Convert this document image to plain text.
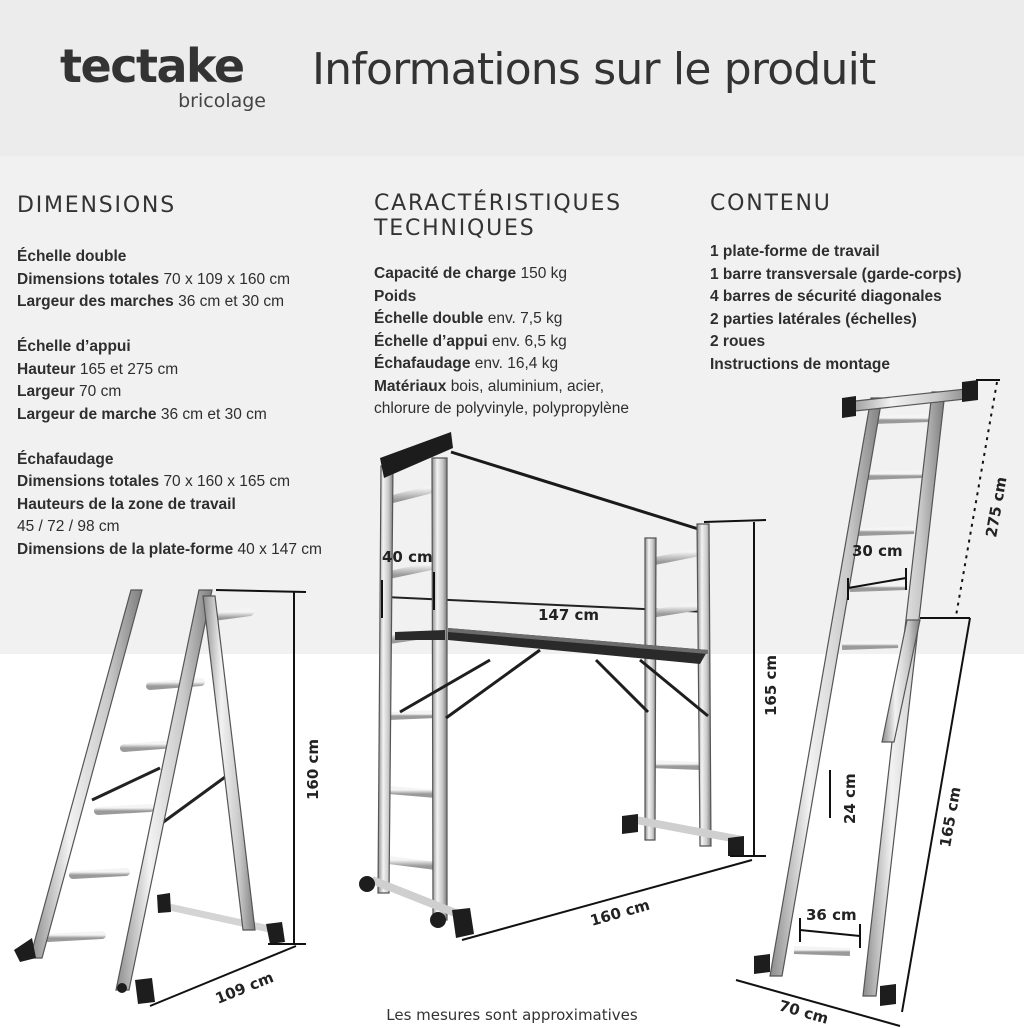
tectake
bricolage
Informations sur le produit
DIMENSIONS
Échelle double
Dimensions totales 70 x 109 x 160 cm
Largeur des marches 36 cm et 30 cm
Échelle d’appui
Hauteur 165 et 275 cm
Largeur 70 cm
Largeur de marche 36 cm et 30 cm
Échafaudage
Dimensions totales 70 x 160 x 165 cm
Hauteurs de la zone de travail
45 / 72 / 98 cm
Dimensions de la plate-forme 40 x 147 cm
CARACTÉRISTIQUES
TECHNIQUES
Capacité de charge 150 kg
Poids
Échelle double env. 7,5 kg
Échelle d’appui env. 6,5 kg
Échafaudage env. 16,4 kg
Matériaux bois, aluminium, acier,
chlorure de polyvinyle, polypropylène
CONTENU
1 plate-forme de travail
1 barre transversale (garde-corps)
4 barres de sécurité diagonales
2 parties latérales (échelles)
2 roues
Instructions de montage
160 cm
109 cm
40 cm
147 cm
165 cm
160 cm
30 cm
275 cm
24 cm	165 cm
36 cm
70 cm
Les mesures sont approximatives
